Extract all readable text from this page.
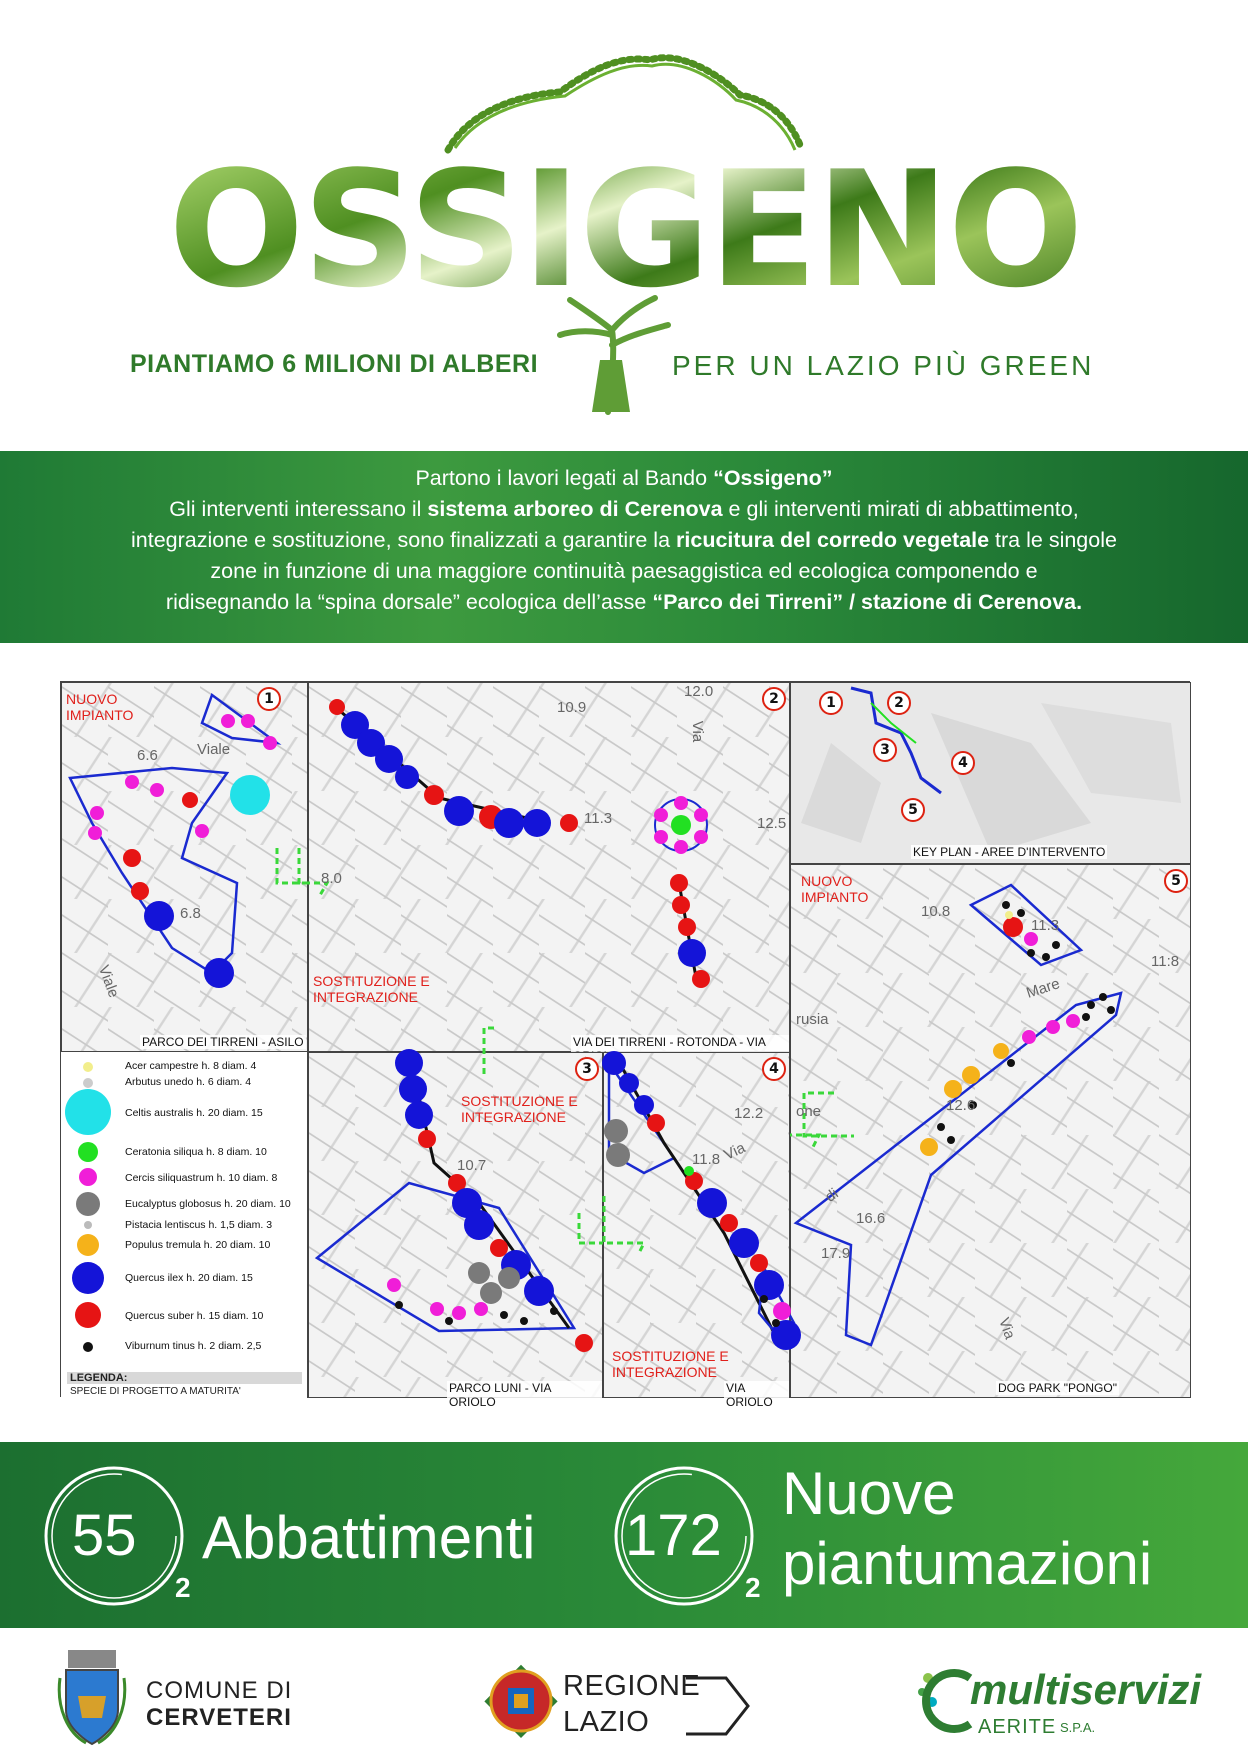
OSSIGENO
PIANTIAMO 6 MILIONI DI ALBERI	PER UN LAZIO PIÙ GREEN
Partono i lavori legati al Bando “Ossigeno”
Gli interventi interessano il sistema arboreo di Cerenova e gli interventi mirati di abbattimento,
integrazione e sostituzione, sono finalizzati a garantire la ricucitura del corredo vegetale tra le singole
zone in funzione di una maggiore continuità paesaggistica ed ecologica componendo e
ridisegnando la “spina dorsale” ecologica dell’asse “Parco dei Tirreni” / stazione di Cerenova.
1
NUOVO IMPIANTO
6.6	Viale
6.8
Viale
PARCO DEI TIRRENI - ASILO
2
SOSTITUZIONE E INTEGRAZIONE
10.9
12.0
Via
11.3	12.5
8.0
VIA DEI TIRRENI - ROTONDA - VIA
1	2
3
4
5
KEY PLAN - AREE D'INTERVENTO
5
NUOVO IMPIANTO
10.8
11.3
11:8
Mare
rusia
12.6
16.6
17.9
Via
di
DOG PARK "PONGO"
3
SOSTITUZIONE E INTEGRAZIONE
10.7
PARCO LUNI - VIA ORIOLO
4
SOSTITUZIONE E INTEGRAZIONE
12.2 one
Via
11.8
VIA ORIOLO
Acer campestre h. 8 diam. 4
Arbutus unedo h. 6 diam. 4
Celtis australis h. 20 diam. 15
Ceratonia siliqua h. 8 diam. 10
Cercis siliquastrum h. 10 diam. 8
Eucalyptus globosus h. 20 diam. 10
Pistacia lentiscus h. 1,5 diam. 3
Populus tremula h. 20 diam. 10
Quercus ilex h. 20 diam. 15
Quercus suber h. 15 diam. 10
Viburnum tinus h. 2 diam. 2,5
LEGENDA:
SPECIE DI PROGETTO A MATURITA'
55
2
Abbattimenti 172
2
Nuove
piantumazioni
COMUNE DI
CERVETERI
REGIONE
LAZIO
multiservizi
AERITE S.P.A.
